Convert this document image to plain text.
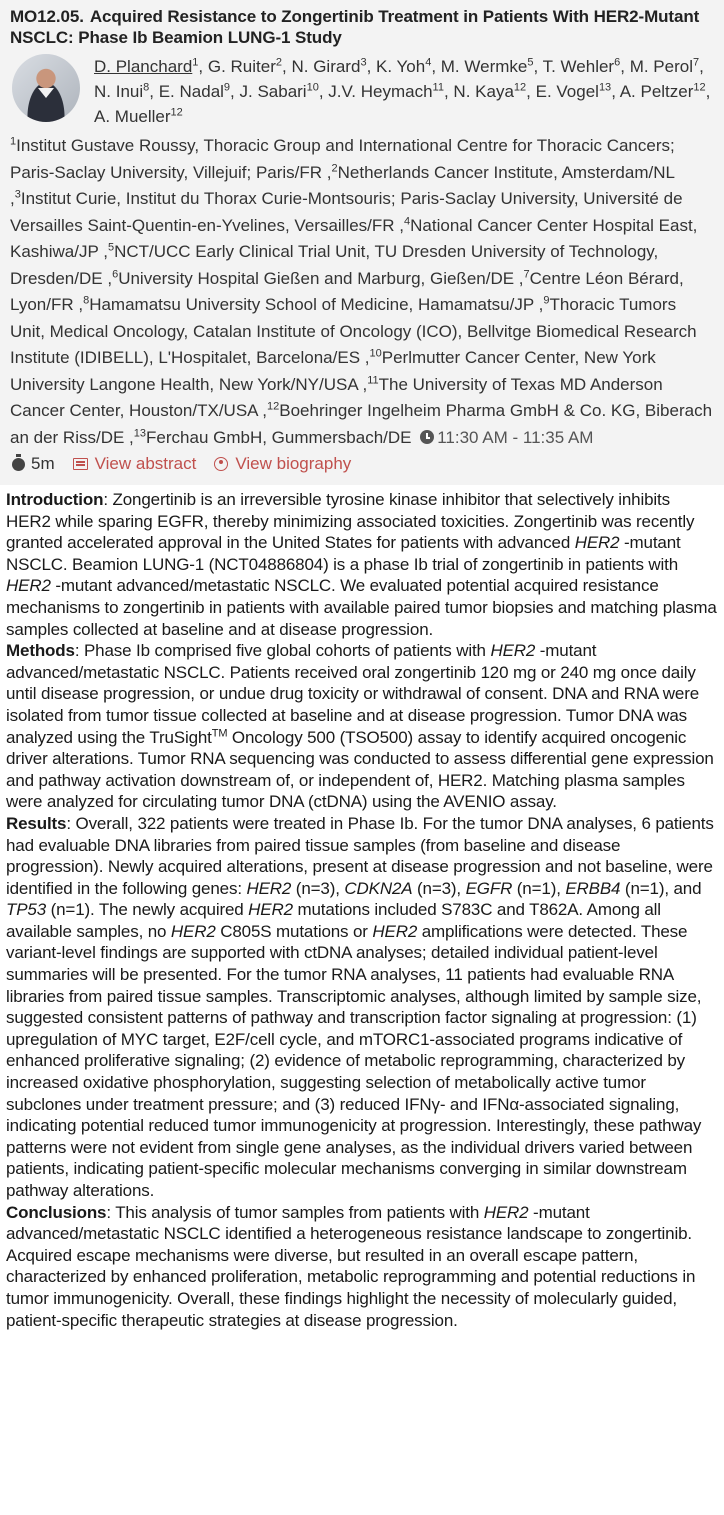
MO12.05. Acquired Resistance to Zongertinib Treatment in Patients With HER2-Mutant NSCLC: Phase Ib Beamion LUNG-1 Study
D. Planchard$^1$, G. Ruiter$^2$, N. Girard$^3$, K. Yoh$^4$, M. Wermke$^5$, T. Wehler$^6$, M. Perol$^7$, N. Inui$^8$, E. Nadal$^9$, J. Sabari$^{10}$, J.V. Heymach$^{11}$, N. Kaya$^{12}$, E. Vogel$^{13}$, A. Peltzer$^{12}$, A. Mueller$^{12}$
$^1$Institut Gustave Roussy, Thoracic Group and International Centre for Thoracic Cancers; Paris-Saclay University, Villejuif; Paris/FR ,$^2$Netherlands Cancer Institute, Amsterdam/NL ,$^3$Institut Curie, Institut du Thorax Curie-Montsouris; Paris-Saclay University, Université de Versailles Saint-Quentin-en-Yvelines, Versailles/FR ,$^4$National Cancer Center Hospital East, Kashiwa/JP ,$^5$NCT/UCC Early Clinical Trial Unit, TU Dresden University of Technology, Dresden/DE ,$^6$University Hospital Gießen and Marburg, Gießen/DE ,$^7$Centre Léon Bérard, Lyon/FR ,$^8$Hamamatsu University School of Medicine, Hamamatsu/JP ,$^9$Thoracic Tumors Unit, Medical Oncology, Catalan Institute of Oncology (ICO), Bellvitge Biomedical Research Institute (IDIBELL), L'Hospitalet, Barcelona/ES ,$^{10}$Perlmutter Cancer Center, New York University Langone Health, New York/NY/USA ,$^{11}$The University of Texas MD Anderson Cancer Center, Houston/TX/USA ,$^{12}$Boehringer Ingelheim Pharma GmbH & Co. KG, Biberach an der Riss/DE ,$^{13}$Ferchau GmbH, Gummersbach/DE 11:30 AM - 11:35 AM
5m View abstract View biography

Introduction: Zongertinib is an irreversible tyrosine kinase inhibitor that selectively inhibits HER2 while sparing EGFR, thereby minimizing associated toxicities. Zongertinib was recently granted accelerated approval in the United States for patients with advanced HER2 -mutant NSCLC. Beamion LUNG-1 (NCT04886804) is a phase Ib trial of zongertinib in patients with HER2 -mutant advanced/metastatic NSCLC. We evaluated potential acquired resistance mechanisms to zongertinib in patients with available paired tumor biopsies and matching plasma samples collected at baseline and at disease progression.

Methods: Phase Ib comprised five global cohorts of patients with HER2 -mutant advanced/metastatic NSCLC. Patients received oral zongertinib 120 mg or 240 mg once daily until disease progression, or undue drug toxicity or withdrawal of consent. DNA and RNA were isolated from tumor tissue collected at baseline and at disease progression. Tumor DNA was analyzed using the TruSight™ Oncology 500 (TSO500) assay to identify acquired oncogenic driver alterations. Tumor RNA sequencing was conducted to assess differential gene expression and pathway activation downstream of, or independent of, HER2. Matching plasma samples were analyzed for circulating tumor DNA (ctDNA) using the AVENIO assay.

Results: Overall, 322 patients were treated in Phase Ib. For the tumor DNA analyses, 6 patients had evaluable DNA libraries from paired tissue samples (from baseline and disease progression). Newly acquired alterations, present at disease progression and not baseline, were identified in the following genes: HER2 (n=3), CDKN2A (n=3), EGFR (n=1), ERBB4 (n=1), and TP53 (n=1). The newly acquired HER2 mutations included S783C and T862A. Among all available samples, no HER2 C805S mutations or HER2 amplifications were detected. These variant-level findings are supported with ctDNA analyses; detailed individual patient-level summaries will be presented. For the tumor RNA analyses, 11 patients had evaluable RNA libraries from paired tissue samples. Transcriptomic analyses, although limited by sample size, suggested consistent patterns of pathway and transcription factor signaling at progression: (1) upregulation of MYC target, E2F/cell cycle, and mTORC1-associated programs indicative of enhanced proliferative signaling; (2) evidence of metabolic reprogramming, characterized by increased oxidative phosphorylation, suggesting selection of metabolically active tumor subclones under treatment pressure; and (3) reduced IFNγ- and IFNα-associated signaling, indicating potential reduced tumor immunogenicity at progression. Interestingly, these pathway patterns were not evident from single gene analyses, as the individual drivers varied between patients, indicating patient-specific molecular mechanisms converging in similar downstream pathway alterations.

Conclusions: This analysis of tumor samples from patients with HER2 -mutant advanced/metastatic NSCLC identified a heterogeneous resistance landscape to zongertinib. Acquired escape mechanisms were diverse, but resulted in an overall escape pattern, characterized by enhanced proliferation, metabolic reprogramming and potential reductions in tumor immunogenicity. Overall, these findings highlight the necessity of molecularly guided, patient-specific therapeutic strategies at disease progression.
